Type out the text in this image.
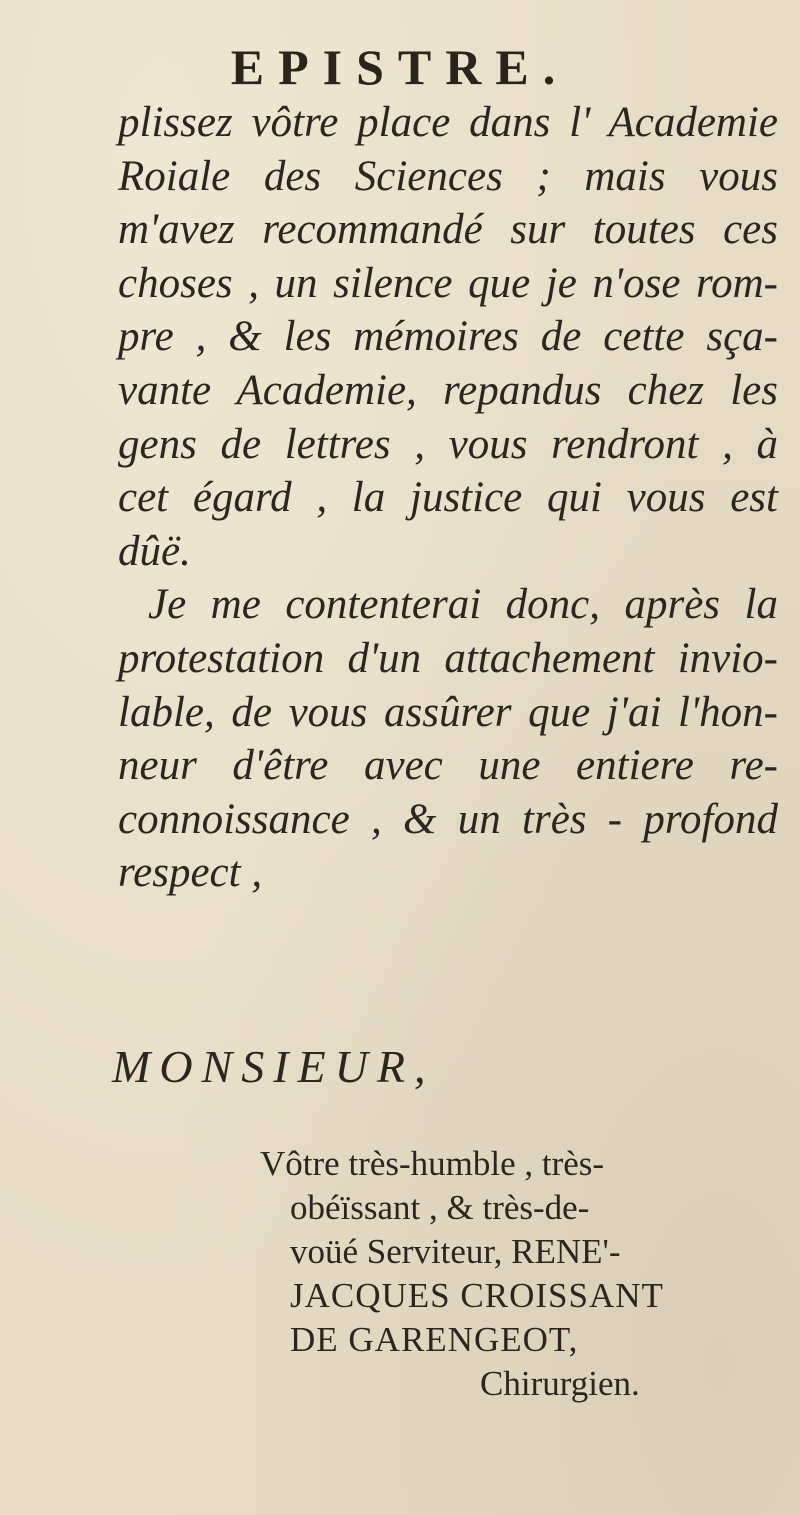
EPISTRE.
plissez vôtre place dans l' Academie
Roiale des Sciences ; mais vous
m'avez recommandé sur toutes ces
choses , un silence que je n'ose rom-
pre , & les mémoires de cette sça-
vante Academie, repandus chez les
gens de lettres , vous rendront , à
cet égard , la justice qui vous est
dûë.
Je me contenterai donc, après la
protestation d'un attachement invio-
lable, de vous assûrer que j'ai l'hon-
neur d'être avec une entiere re-
connoissance , & un très - profond
respect ,
MONSIEUR,
Vôtre très-humble , très-
obéïssant , & très-de-
voüé Serviteur, RENE'-
JACQUES CROISSANT
DE GARENGEOT,
Chirurgien.
